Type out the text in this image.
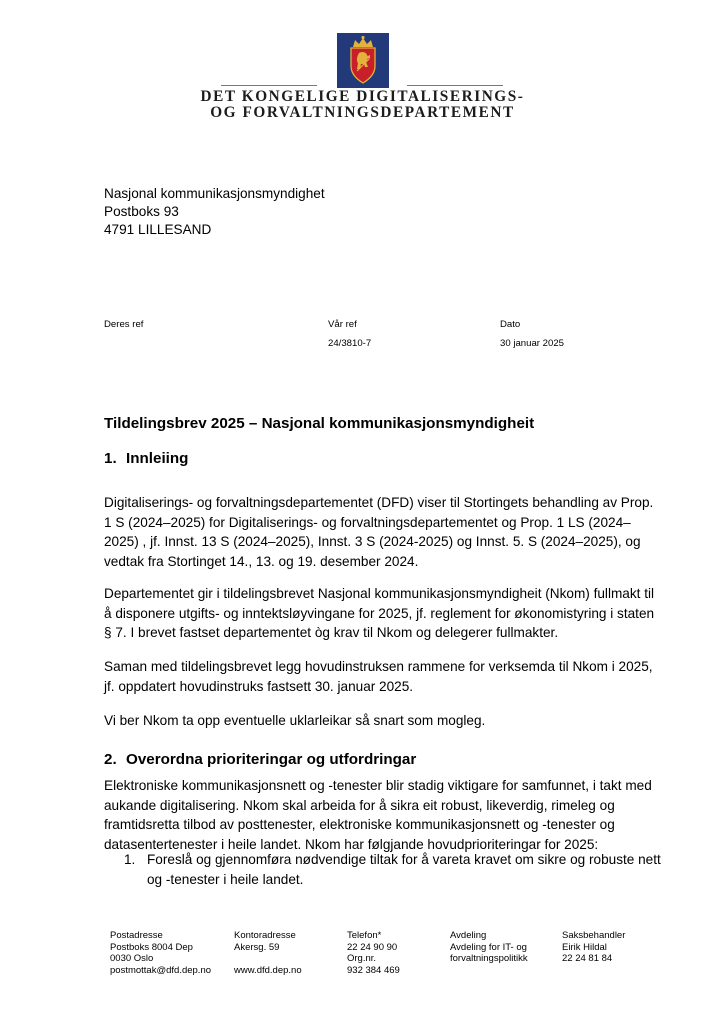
DET KONGELIGE DIGITALISERINGS-
OG FORVALTNINGSDEPARTEMENT
Nasjonal kommunikasjonsmyndighet
Postboks 93
4791 LILLESAND
Deres ref	Vår ref
24/3810-7
Dato
30 januar 2025
Tildelingsbrev 2025 – Nasjonal kommunikasjonsmyndigheit
1. Innleiing

Digitaliserings- og forvaltningsdepartementet (DFD) viser til Stortingets behandling av Prop.
1 S (2024–2025) for Digitaliserings- og forvaltningsdepartementet og Prop. 1 LS (2024–
2025) , jf. Innst. 13 S (2024–2025), Innst. 3 S (2024-2025) og Innst. 5. S (2024–2025), og
vedtak fra Stortinget 14., 13. og 19. desember 2024.

Departementet gir i tildelingsbrevet Nasjonal kommunikasjonsmyndigheit (Nkom) fullmakt til
å disponere utgifts- og inntektsløyvingane for 2025, jf. reglement for økonomistyring i staten
§ 7. I brevet fastset departementet òg krav til Nkom og delegerer fullmakter.

Saman med tildelingsbrevet legg hovudinstruksen rammene for verksemda til Nkom i 2025,
jf. oppdatert hovudinstruks fastsett 30. januar 2025.

Vi ber Nkom ta opp eventuelle uklarleikar så snart som mogleg.

2. Overordna prioriteringar og utfordringar

Elektroniske kommunikasjonsnett og -tenester blir stadig viktigare for samfunnet, i takt med
aukande digitalisering. Nkom skal arbeida for å sikra eit robust, likeverdig, rimeleg og
framtidsretta tilbod av posttenester, elektroniske kommunikasjonsnett og -tenester og
datasentertenester i heile landet. Nkom har følgjande hovudprioriteringar for 2025:

1. Foreslå og gjennomføra nødvendige tiltak for å vareta kravet om sikre og robuste nett
og -tenester i heile landet.
Postadresse
Postboks 8004 Dep
0030 Oslo
postmottak@dfd.dep.no
Kontoradresse
Akersg. 59
www.dfd.dep.no
Telefon*
22 24 90 90
Org.nr.
932 384 469
Avdeling
Avdeling for IT- og
forvaltningspolitikk
Saksbehandler
Eirik Hildal
22 24 81 84
